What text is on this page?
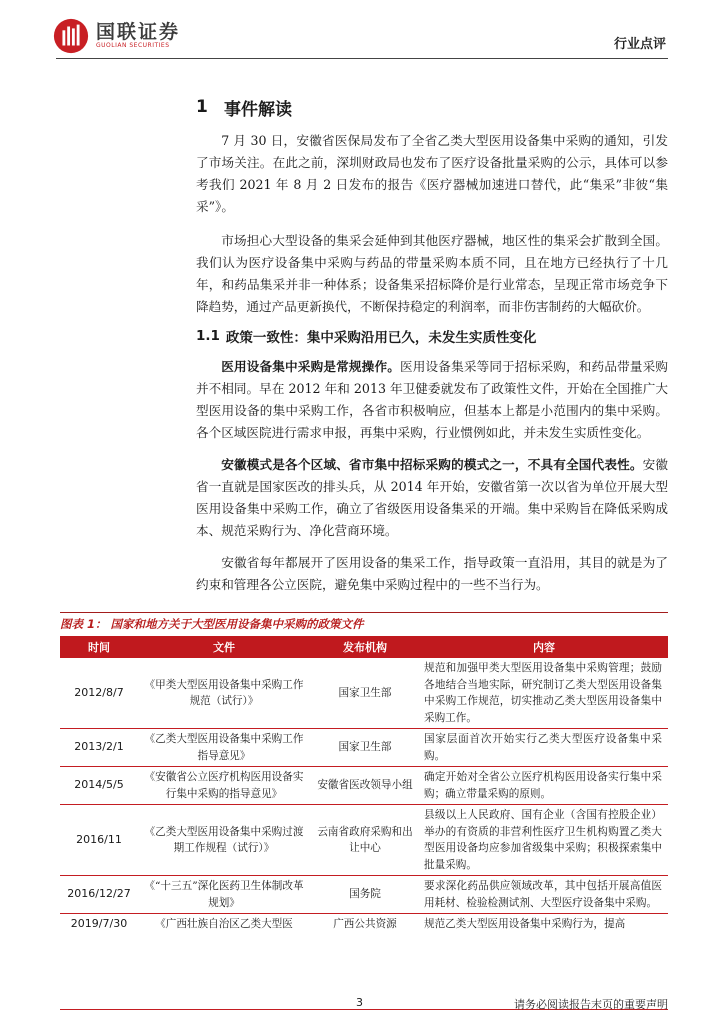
国联证券
GUOLIAN SECURITIES	行业点评
1 事件解读

7 月 30 日，安徽省医保局发布了全省乙类大型医用设备集中采购的通知，引发了市场关注。在此之前，深圳财政局也发布了医疗设备批量采购的公示，具体可以参考我们 2021 年 8 月 2 日发布的报告《医疗器械加速进口替代，此“集采”非彼“集采”》。

市场担心大型设备的集采会延伸到其他医疗器械，地区性的集采会扩散到全国。我们认为医疗设备集中采购与药品的带量采购本质不同，且在地方已经执行了十几年，和药品集采并非一种体系；设备集采招标降价是行业常态，呈现正常市场竞争下降趋势，通过产品更新换代，不断保持稳定的利润率，而非伤害制药的大幅砍价。

1.1 政策一致性：集中采购沿用已久，未发生实质性变化

医用设备集中采购是常规操作。医用设备集采等同于招标采购，和药品带量采购并不相同。早在 2012 年和 2013 年卫健委就发布了政策性文件，开始在全国推广大型医用设备的集中采购工作，各省市积极响应，但基本上都是小范围内的集中采购。各个区域医院进行需求申报，再集中采购，行业惯例如此，并未发生实质性变化。

安徽模式是各个区域、省市集中招标采购的模式之一，不具有全国代表性。安徽省一直就是国家医改的排头兵，从 2014 年开始，安徽省第一次以省为单位开展大型医用设备集中采购工作，确立了省级医用设备集采的开端。集中采购旨在降低采购成本、规范采购行为、净化营商环境。

安徽省每年都展开了医用设备的集采工作，指导政策一直沿用，其目的就是为了约束和管理各公立医院，避免集中采购过程中的一些不当行为。

图表 1： 国家和地方关于大型医用设备集中采购的政策文件
时间	文件	发布机构	内容
2012/8/7	《甲类大型医用设备集中采购工作规范（试行）》	国家卫生部	规范和加强甲类大型医用设备集中采购管理；鼓励各地结合当地实际，研究制订乙类大型医用设备集中采购工作规范，切实推动乙类大型医用设备集中采购工作。
2013/2/1	《乙类大型医用设备集中采购工作指导意见》	国家卫生部	国家层面首次开始实行乙类大型医疗设备集中采购。
2014/5/5	《安徽省公立医疗机构医用设备实行集中采购的指导意见》	安徽省医改领导小组	确定开始对全省公立医疗机构医用设备实行集中采购；确立带量采购的原则。
2016/11	《乙类大型医用设备集中采购过渡期工作规程（试行）》	云南省政府采购和出让中心	县级以上人民政府、国有企业（含国有控股企业）举办的有资质的非营利性医疗卫生机构购置乙类大型医用设备均应参加省级集中采购；积极探索集中批量采购。
2016/12/27	《“十三五”深化医药卫生体制改革规划》	国务院	要求深化药品供应领域改革，其中包括开展高值医用耗材、检验检测试剂、大型医疗设备集中采购。
2019/7/30	《广西壮族自治区乙类大型医	广西公共资源	规范乙类大型医用设备集中采购行为，提高
3	请务必阅读报告末页的重要声明
